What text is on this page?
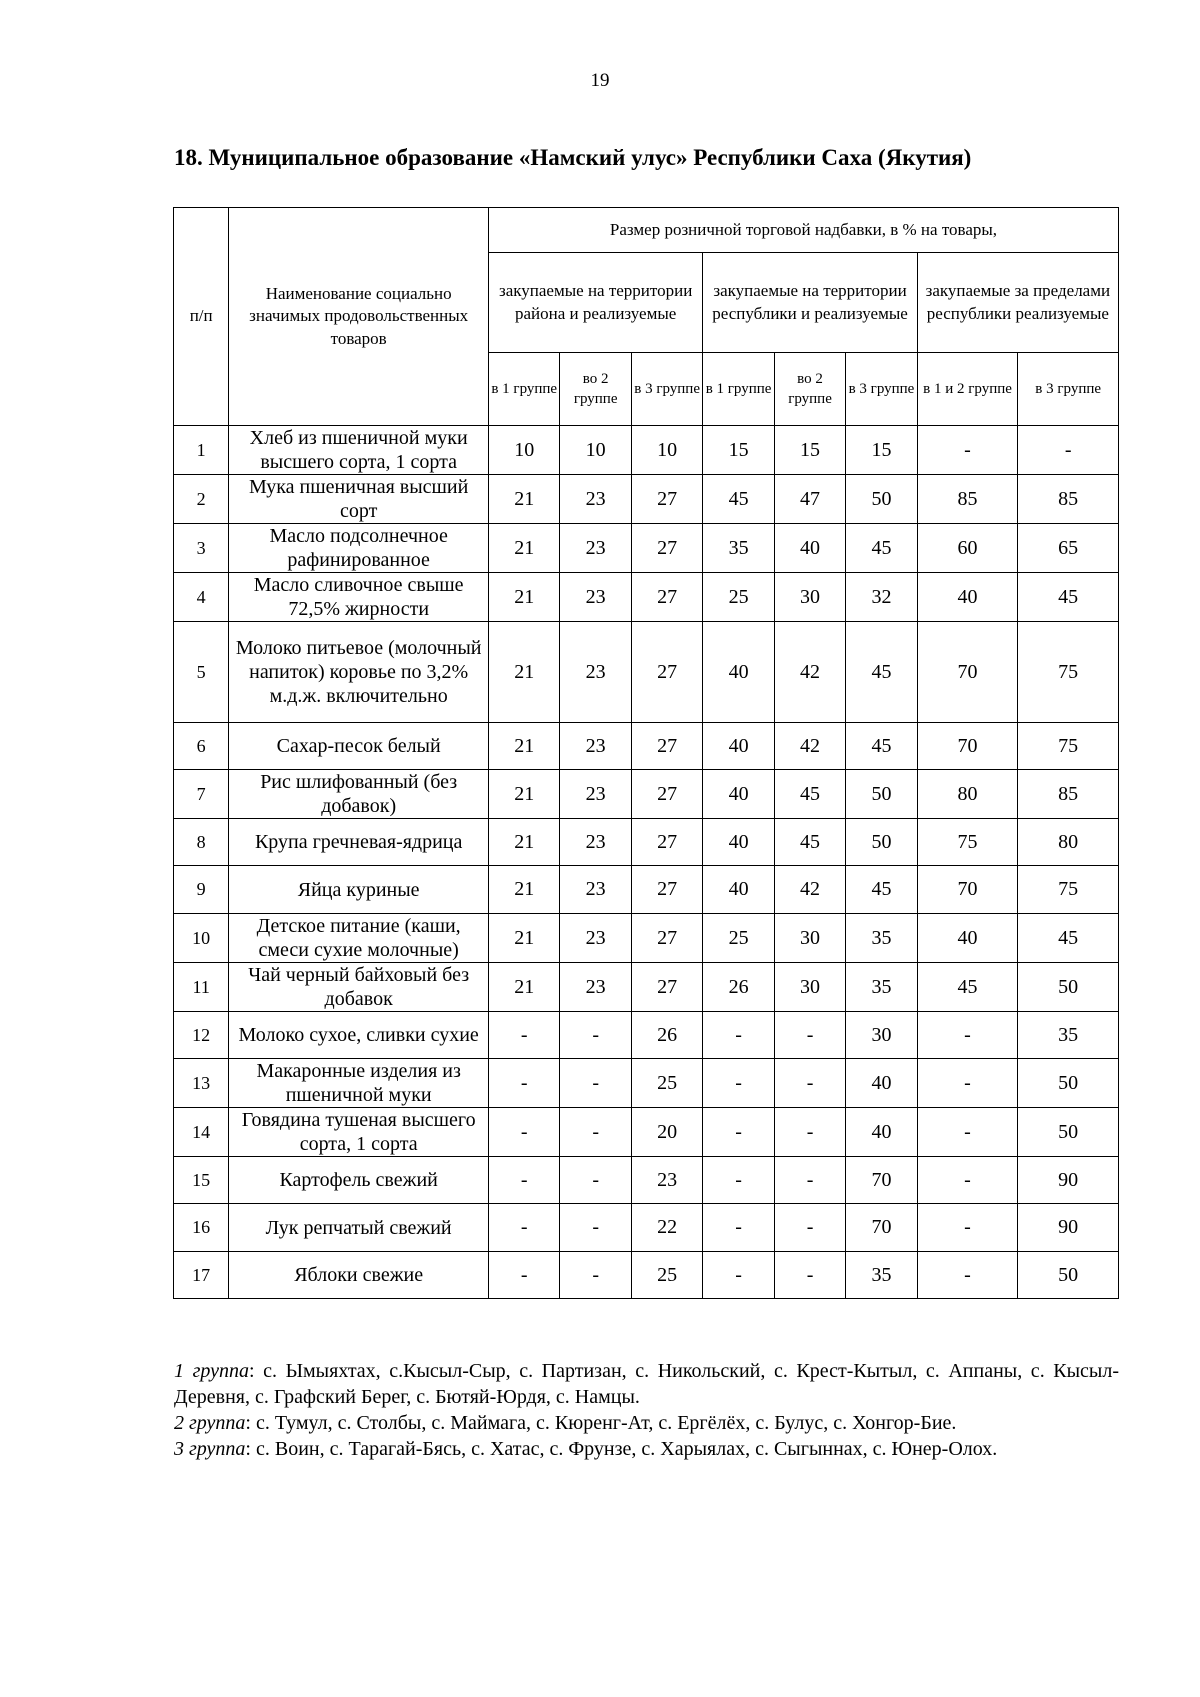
19
18. Муниципальное образование «Намский улус» Республики Саха (Якутия)
п/п	Наименование социально значимых продовольственных товаров	Размер розничной торговой надбавки, в % на товары,							
		закупаемые на территории района и реализуемые			закупаемые на территории республики и реализуемые			закупаемые за пределами республики реализуемые	
		в 1 группе	во 2 группе	в 3 группе	в 1 группе	во 2 группе	в 3 группе	в 1 и 2 группе	в 3 группе
1	Хлеб из пшеничной муки высшего сорта, 1 сорта	10	10	10	15	15	15	-	-
2	Мука пшеничная высший сорт	21	23	27	45	47	50	85	85
3	Масло подсолнечное рафинированное	21	23	27	35	40	45	60	65
4	Масло сливочное свыше 72,5% жирности	21	23	27	25	30	32	40	45
5	Молоко питьевое (молочный напиток) коровье по 3,2% м.д.ж. включительно	21	23	27	40	42	45	70	75
6	Сахар-песок белый	21	23	27	40	42	45	70	75
7	Рис шлифованный (без добавок)	21	23	27	40	45	50	80	85
8	Крупа гречневая-ядрица	21	23	27	40	45	50	75	80
9	Яйца куриные	21	23	27	40	42	45	70	75
10	Детское питание (каши, смеси сухие молочные)	21	23	27	25	30	35	40	45
11	Чай черный байховый без добавок	21	23	27	26	30	35	45	50
12	Молоко сухое, сливки сухие	-	-	26	-	-	30	-	35
13	Макаронные изделия из пшеничной муки	-	-	25	-	-	40	-	50
14	Говядина тушеная высшего сорта, 1 сорта	-	-	20	-	-	40	-	50
15	Картофель свежий	-	-	23	-	-	70	-	90
16	Лук репчатый свежий	-	-	22	-	-	70	-	90
17	Яблоки свежие	-	-	25	-	-	35	-	50

1 группа: с. Ымыяхтах, с.Кысыл-Сыр, с. Партизан, с. Никольский, с. Крест-Кытыл, с. Аппаны, с. Кысыл-Деревня, с. Графский Берег, с. Бютяй-Юрдя, с. Намцы.

2 группа: с. Тумул, с. Столбы, с. Маймага, с. Кюренг-Ат, с. Ергёлёх, с. Булус, с. Хонгор-Бие.

3 группа: с. Воин, с. Тарагай-Бясь, с. Хатас, с. Фрунзе, с. Харыялах, с. Сыгыннах, с. Юнер-Олох.
